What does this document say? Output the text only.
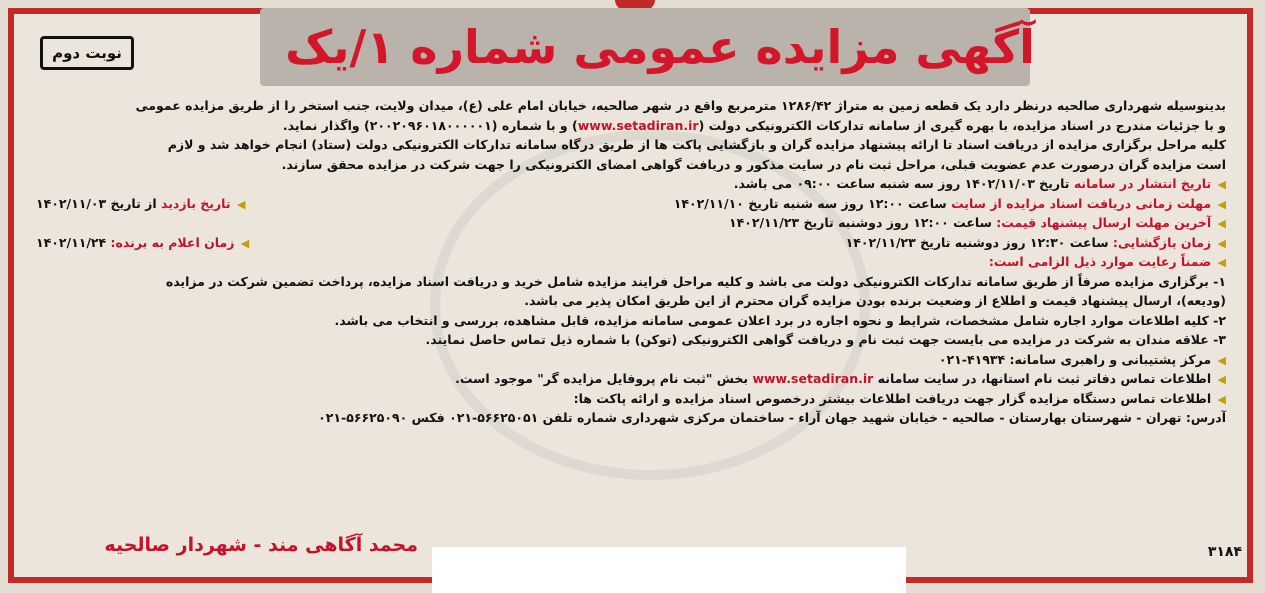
آگهی مزایده عمومی شماره ۱/یک
نوبت دوم

بدینوسیله شهرداری صالحیه درنظر دارد یک قطعه زمین به متراژ ۱۲۸۶/۴۲ مترمربع واقع در شهر صالحیه، خیابان امام علی (ع)، میدان ولایت، جنب استخر را از طریق مزایده عمومی

و با جزئیات مندرج در اسناد مزایده، با بهره گیری از سامانه تدارکات الکترونیکی دولت (www.setadiran.ir) و با شماره (۲۰۰۲۰۹۶۰۱۸۰۰۰۰۰۱) واگذار نماید.

کلیه مراحل برگزاری مزایده از دریافت اسناد تا ارائه پیشنهاد مزایده گران و بازگشایی پاکت ها از طریق درگاه سامانه تدارکات الکترونیکی دولت (ستاد) انجام خواهد شد و لازم

است مزایده گران درصورت عدم عضویت قبلی، مراحل ثبت نام در سایت مذکور و دریافت گواهی امضای الکترونیکی را جهت شرکت در مزایده محقق سازند.

◀ تاریخ انتشار در سامانه تاریخ ۱۴۰۲/۱۱/۰۳ روز سه شنبه ساعت ۰۹:۰۰ می باشد.
◀ مهلت زمانی دریافت اسناد مزایده از سایت ساعت ۱۲:۰۰ روز سه شنبه تاریخ ۱۴۰۲/۱۱/۱۰
◀ تاریخ بازدید از تاریخ ۱۴۰۲/۱۱/۰۳
◀ آخرین مهلت ارسال پیشنهاد قیمت: ساعت ۱۲:۰۰ روز دوشنبه تاریخ ۱۴۰۲/۱۱/۲۳
◀ زمان بازگشایی: ساعت ۱۲:۳۰ روز دوشنبه تاریخ ۱۴۰۲/۱۱/۲۳
◀ زمان اعلام به برنده: ۱۴۰۲/۱۱/۲۴
◀ ضمناً رعایت موارد ذیل الزامی است:

۱- برگزاری مزایده صرفاً از طریق سامانه تدارکات الکترونیکی دولت می باشد و کلیه مراحل فرایند مزایده شامل خرید و دریافت اسناد مزایده، پرداخت تضمین شرکت در مزایده

(ودیعه)، ارسال پیشنهاد قیمت و اطلاع از وضعیت برنده بودن مزایده گران محترم از این طریق امکان پذیر می باشد.

۲- کلیه اطلاعات موارد اجاره شامل مشخصات، شرایط و نحوه اجاره در برد اعلان عمومی سامانه مزایده، قابل مشاهده، بررسی و انتخاب می باشد.

۳- علاقه مندان به شرکت در مزایده می بایست جهت ثبت نام و دریافت گواهی الکترونیکی (توکن) با شماره ذیل تماس حاصل نمایند.

◀ مرکز پشتیبانی و راهبری سامانه: ۴۱۹۳۴-۰۲۱
◀ اطلاعات تماس دفاتر ثبت نام استانها، در سایت سامانه www.setadiran.ir بخش "ثبت نام پروفایل مزایده گر" موجود است.
◀ اطلاعات تماس دستگاه مزایده گزار جهت دریافت اطلاعات بیشتر درخصوص اسناد مزایده و ارائه پاکت ها:

آدرس: تهران - شهرستان بهارستان - صالحیه - خیابان شهید جهان آراء - ساختمان مرکزی شهرداری شماره تلفن ۵۶۶۲۵۰۵۱-۰۲۱ فکس ۵۶۶۲۵۰۹۰-۰۲۱

محمد آگاهی مند - شهردار صالحیه	۳۱۸۴
